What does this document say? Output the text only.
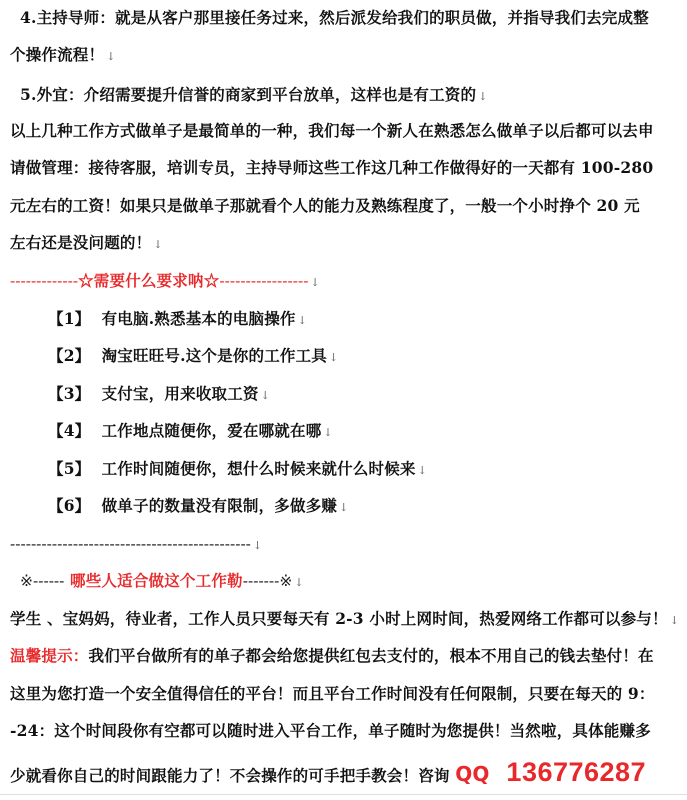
4.主持导师：就是从客户那里接任务过来，然后派发给我们的职员做，并指导我们去完成整
个操作流程！ ↓
5.外宜：介绍需要提升信誉的商家到平台放单，这样也是有工资的 ↓
以上几种工作方式做单子是最简单的一种，我们每一个新人在熟悉怎么做单子以后都可以去申
请做管理：接待客服，培训专员，主持导师这些工作这几种工作做得好的一天都有 100-280
元左右的工资！如果只是做单子那就看个人的能力及熟练程度了，一般一个小时挣个 20 元
左右还是没问题的！ ↓
-------------☆需要什么要求呐☆----------------- ↓
【1】 有电脑.熟悉基本的电脑操作 ↓
【2】 淘宝旺旺号.这个是你的工作工具 ↓
【3】 支付宝，用来收取工资 ↓
【4】 工作地点随便你，爱在哪就在哪 ↓
【5】 工作时间随便你，想什么时候来就什么时候来 ↓
【6】 做单子的数量没有限制，多做多赚 ↓
---------------------------------------------- ↓
※------ 哪些人适合做这个工作勒-------※ ↓
学生 、宝妈妈，待业者，工作人员只要每天有 2-3 小时上网时间，热爱网络工作都可以参与！ ↓
温馨提示：我们平台做所有的单子都会给您提供红包去支付的，根本不用自己的钱去垫付！在
这里为您打造一个安全值得信任的平台！而且平台工作时间没有任何限制，只要在每天的 9：
-24：这个时间段你有空都可以随时进入平台工作，单子随时为您提供！当然啦，具体能赚多
少就看你自己的时间跟能力了！不会操作的可手把手教会！咨询 QQ 136776287
